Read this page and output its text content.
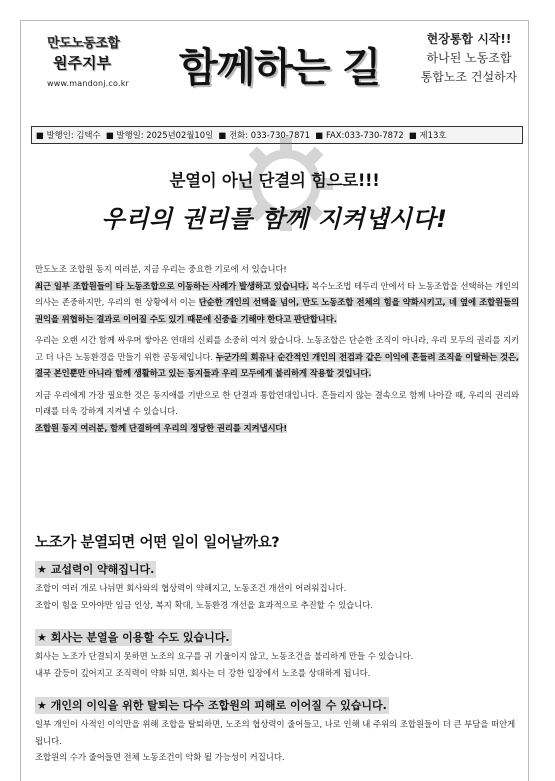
만도노동조합
원주지부
www.mandonj.co.kr 함께하는 길
현장통합 시작!!
하나된 노동조합
통합노조 건설하자
■ 발행인: 김택수 ■ 발행일: 2025년02월10일 ■ 전화: 033-730-7871 ■ FAX:033-730-7872 ■ 제13호
분열이 아닌 단결의 힘으로!!!
우리의 권리를 함께 지켜냅시다!

만도노조 조합원 동지 여러분, 지금 우리는 중요한 기로에 서 있습니다!
최근 일부 조합원들이 타 노동조합으로 이동하는 사례가 발생하고 있습니다. 복수노조법 테두리 안에서 타 노동조합을 선택하는 개인의 의사는 존중하지만, 우리의 현 상황에서 이는 단순한 개인의 선택을 넘어, 만도 노동조합 전체의 힘을 약화시키고, 네 옆에 조합원들의 권익을 위협하는 결과로 이어질 수도 있기 때문에 신중을 기해야 한다고 판단합니다.

우리는 오랜 시간 함께 싸우며 쌓아온 연대의 신뢰를 소중히 여겨 왔습니다. 노동조합은 단순한 조직이 아니라, 우리 모두의 권리를 지키고 더 나은 노동환경을 만들기 위한 공동체입니다. 누군가의 회유나 순간적인 개인의 전검과 같은 이익에 흔들려 조직을 이탈하는 것은, 결국 본인뿐만 아니라 함께 생활하고 있는 동지들과 우리 모두에게 불리하게 작용할 것입니다.

지금 우리에게 가장 필요한 것은 동지애를 기반으로 한 단결과 통합연대입니다. 흔들리지 않는 결속으로 함께 나아갈 때, 우리의 권리와 미래를 더욱 강하게 지켜낼 수 있습니다.
조합원 동지 여러분, 함께 단결하여 우리의 정당한 권리를 지켜냅시다!

노조가 분열되면 어떤 일이 일어날까요?
★ 교섭력이 약해집니다.
조합이 여러 개로 나뉘면 회사와의 협상력이 약해지고, 노동조건 개선이 어려워집니다.
조합이 힘을 모아야만 임금 인상, 복지 확대, 노동환경 개선을 효과적으로 추진할 수 있습니다.
★ 회사는 분열을 이용할 수도 있습니다.
회사는 노조가 단결되지 못하면 노조의 요구를 귀 기울이지 않고, 노동조건을 불리하게 만들 수 있습니다.
내부 갈등이 깊어지고 조직력이 약화 되면, 회사는 더 강한 입장에서 노조를 상대하게 됩니다.
★ 개인의 이익을 위한 탈퇴는 다수 조합원의 피해로 이어질 수 있습니다.
일부 개인이 사적인 이익만을 위해 조합을 탈퇴하면, 노조의 협상력이 줄어들고, 나로 인해 내 주위의 조합원들이 더 큰 부담을 떠안게 됩니다.
조합원의 수가 줄어들면 전체 노동조건이 악화 될 가능성이 커집니다.
